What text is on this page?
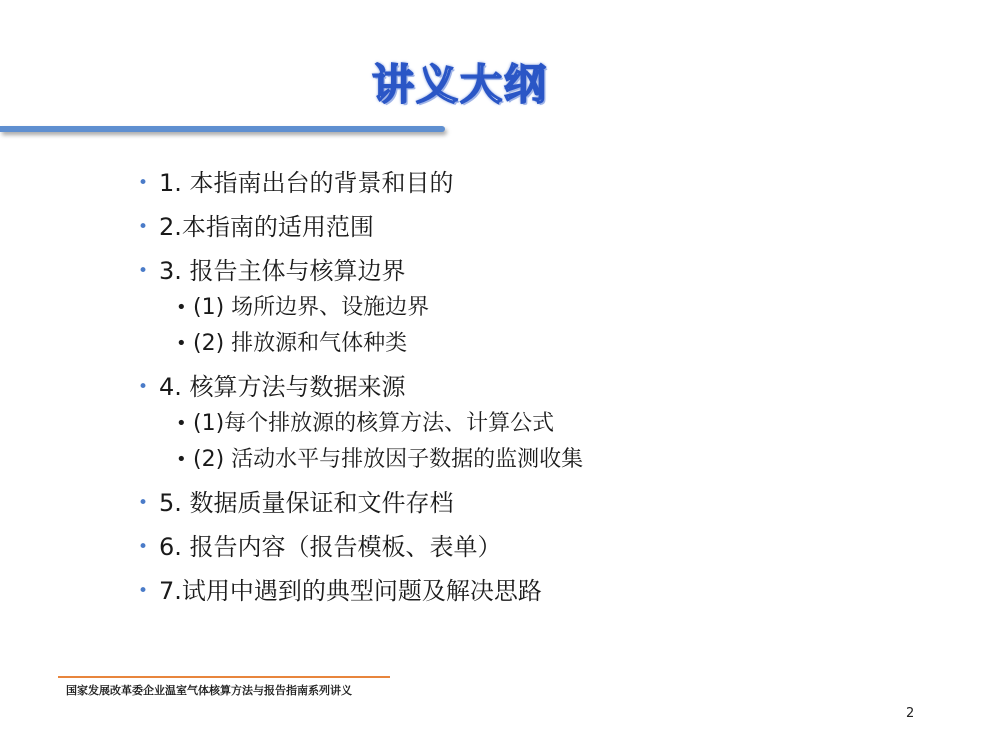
讲义大纲
• 1. 本指南出台的背景和目的
• 2.本指南的适用范围
• 3. 报告主体与核算边界
• (1) 场所边界、设施边界
• (2) 排放源和气体种类
• 4. 核算方法与数据来源
• (1)每个排放源的核算方法、计算公式
• (2) 活动水平与排放因子数据的监测收集
• 5. 数据质量保证和文件存档
• 6. 报告内容（报告模板、表单）
• 7.试用中遇到的典型问题及解决思路
国家发展改革委企业温室气体核算方法与报告指南系列讲义
2
